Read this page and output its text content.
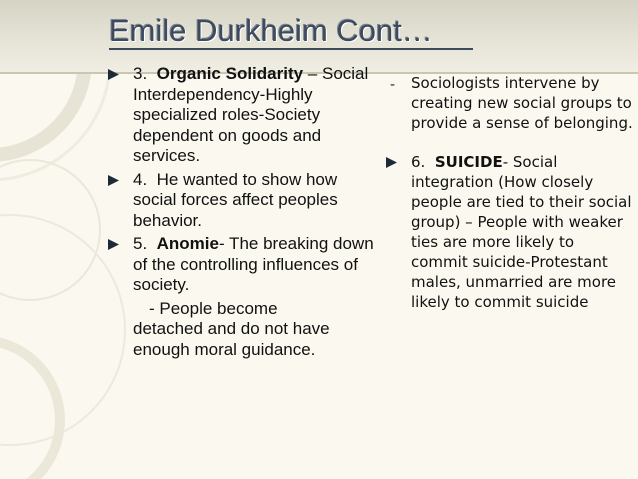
Emile Durkheim Cont…
3. Organic Solidarity – Social Interdependency-Highly specialized roles-Society dependent on goods and services.
4. He wanted to show how social forces affect peoples behavior.
5. Anomie- The breaking down of the controlling influences of society.
- People become
detached and do not have enough moral guidance.
- Sociologists intervene by creating new social groups to provide a sense of belonging.
6. SUICIDE- Social integration (How closely people are tied to their social group) – People with weaker ties are more likely to commit suicide-Protestant males, unmarried are more likely to commit suicide
